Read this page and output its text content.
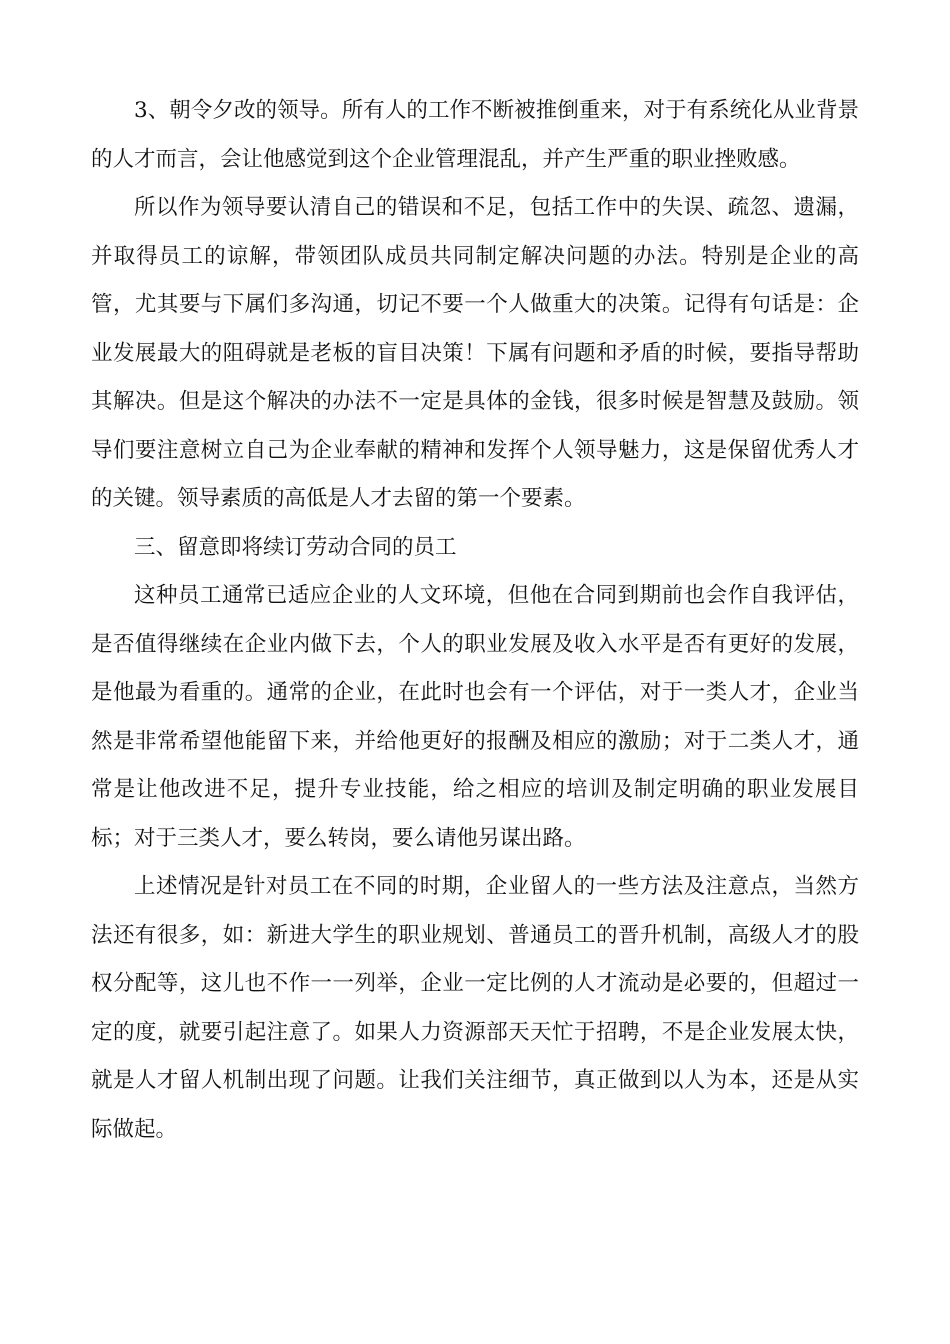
3、朝令夕改的领导。所有人的工作不断被推倒重来，对于有系统化从业背景的人才而言，会让他感觉到这个企业管理混乱，并产生严重的职业挫败感。

所以作为领导要认清自己的错误和不足，包括工作中的失误、疏忽、遗漏，并取得员工的谅解，带领团队成员共同制定解决问题的办法。特别是企业的高管，尤其要与下属们多沟通，切记不要一个人做重大的决策。记得有句话是：企业发展最大的阻碍就是老板的盲目决策！下属有问题和矛盾的时候，要指导帮助其解决。但是这个解决的办法不一定是具体的金钱，很多时候是智慧及鼓励。领导们要注意树立自己为企业奉献的精神和发挥个人领导魅力，这是保留优秀人才的关键。领导素质的高低是人才去留的第一个要素。

三、留意即将续订劳动合同的员工

这种员工通常已适应企业的人文环境，但他在合同到期前也会作自我评估，是否值得继续在企业内做下去，个人的职业发展及收入水平是否有更好的发展，是他最为看重的。通常的企业，在此时也会有一个评估，对于一类人才，企业当然是非常希望他能留下来，并给他更好的报酬及相应的激励；对于二类人才，通常是让他改进不足，提升专业技能，给之相应的培训及制定明确的职业发展目标；对于三类人才，要么转岗，要么请他另谋出路。

上述情况是针对员工在不同的时期，企业留人的一些方法及注意点，当然方法还有很多，如：新进大学生的职业规划、普通员工的晋升机制，高级人才的股权分配等，这儿也不作一一列举，企业一定比例的人才流动是必要的，但超过一定的度，就要引起注意了。如果人力资源部天天忙于招聘，不是企业发展太快，就是人才留人机制出现了问题。让我们关注细节，真正做到以人为本，还是从实际做起。
